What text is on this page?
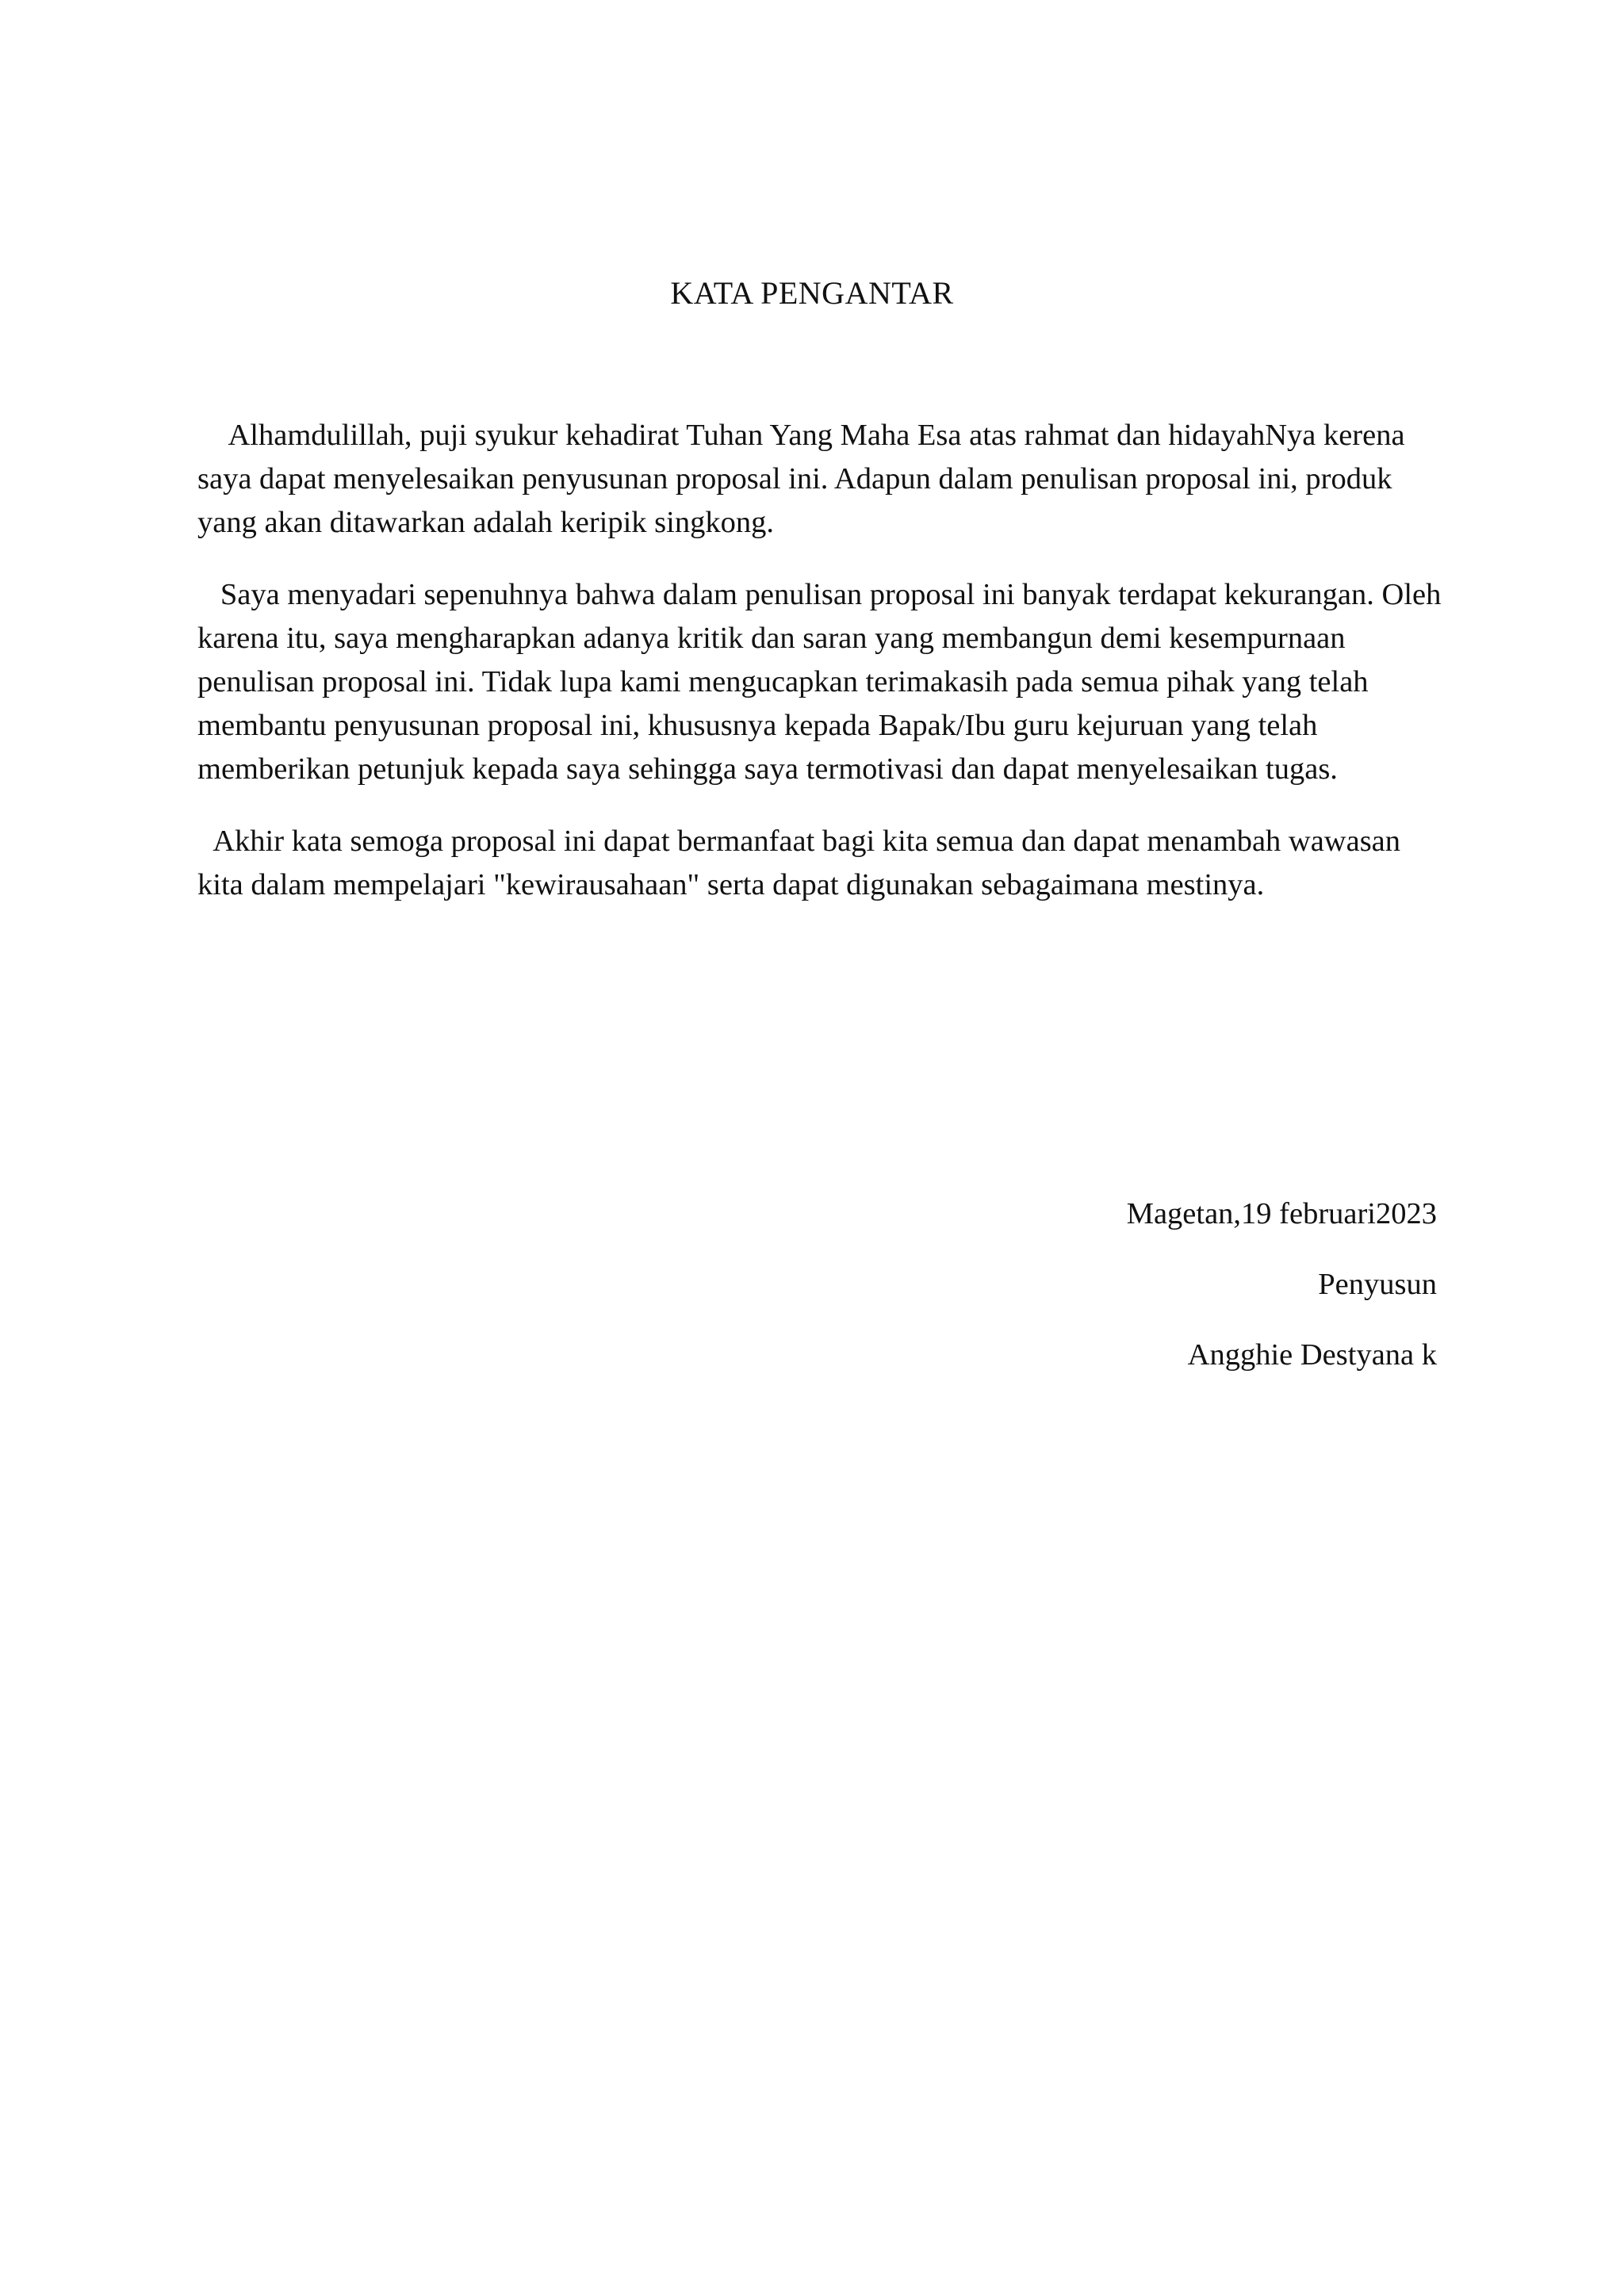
KATA PENGANTAR

Alhamdulillah, puji syukur kehadirat Tuhan Yang Maha Esa atas rahmat dan hidayahNya kerena saya dapat menyelesaikan penyusunan proposal ini. Adapun dalam penulisan proposal ini, produk yang akan ditawarkan adalah keripik singkong.

Saya menyadari sepenuhnya bahwa dalam penulisan proposal ini banyak terdapat kekurangan. Oleh karena itu, saya mengharapkan adanya kritik dan saran yang membangun demi kesempurnaan penulisan proposal ini. Tidak lupa kami mengucapkan terimakasih pada semua pihak yang telah membantu penyusunan proposal ini, khususnya kepada Bapak/Ibu guru kejuruan yang telah memberikan petunjuk kepada saya sehingga saya termotivasi dan dapat menyelesaikan tugas.

Akhir kata semoga proposal ini dapat bermanfaat bagi kita semua dan dapat menambah wawasan kita dalam mempelajari "kewirausahaan" serta dapat digunakan sebagaimana mestinya.

Magetan,19 februari2023
Penyusun
Angghie Destyana k
